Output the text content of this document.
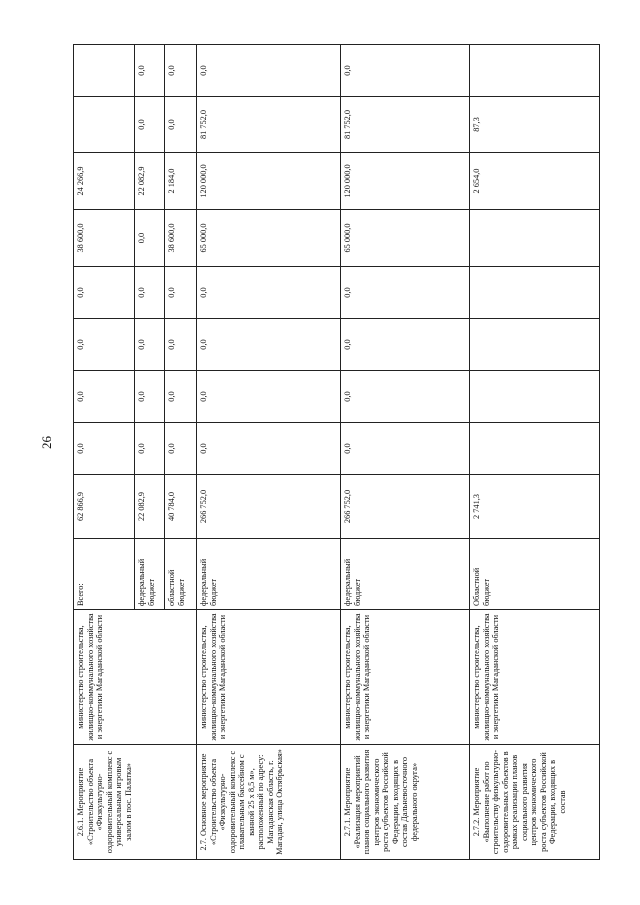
26
2.6.1. Мероприятие «Строительство объекта «Физкультурно-оздоровительный комплекс с универсальным игровым залом в пос. Палатка»	министерство строительства, жилищно-коммунального хозяйства и энергетики Магаданской области	Всего:	62 866,9	0,0	0,0	0,0	0,0	38 600,0	24 266,9		
		федеральный бюджет	22 082,9	0,0	0,0	0,0	0,0	0,0	22 082,9	0,0	0,0
		областной бюджет	40 784,0	0,0	0,0	0,0	0,0	38 600,0	2 184,0	0,0	0,0
2.7. Основное мероприятие «Строительство объекта «Физкультурно-оздоровительный комплекс с плавательным бассейном с ванной 25 х 8,5 м», расположенный по адресу: Магаданская область, г. Магадан, улица Октябрьская»	министерство строительства, жилищно-коммунального хозяйства и энергетики Магаданской области	федеральный бюджет	266 752,0	0,0	0,0	0,0	0,0	65 000,0	120 000,0	81 752,0	0,0
2.7.1. Мероприятие «Реализация мероприятий планов социального развития центров экономического роста субъектов Российской Федерации, входящих в состав Дальневосточного федерального округа»	министерство строительства, жилищно-коммунального хозяйства и энергетики Магаданской области	федеральный бюджет	266 752,0	0,0	0,0	0,0	0,0	65 000,0	120 000,0	81 752,0	0,0
2.7.2. Мероприятие «Выполнение работ по строительству физкультурно-оздоровительных объектов в рамках реализации планов социального развития центров экономического роста субъектов Российской Федерации, входящих в состав	министерство строительства, жилищно-коммунального хозяйства и энергетики Магаданской области	Областной бюджет	2 741,3						2 654,0	87,3	
